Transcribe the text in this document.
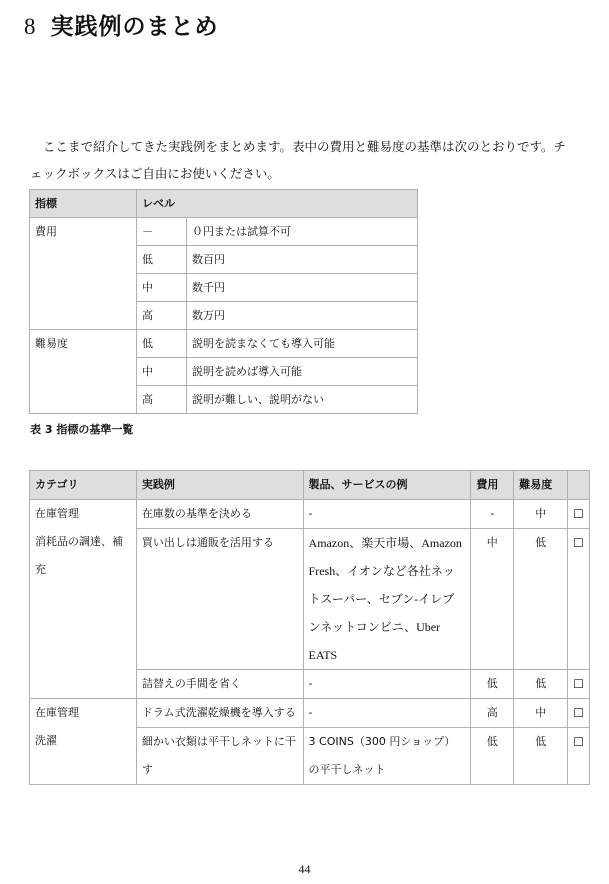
8 実践例のまとめ

ここまで紹介してきた実践例をまとめます。表中の費用と難易度の基準は次のとおりです。チェックボックスはご自由にお使いください。

指標	レベル	
費用	－	０円または試算不可
	低	数百円
	中	数千円
	高	数万円
難易度	低	説明を読まなくても導入可能
	中	説明を読めば導入可能
	高	説明が難しい、説明がない
表 3 指標の基準一覧
カテゴリ	実践例	製品、サービスの例	費用	難易度	
在庫管理
消耗品の調達、補充	在庫数の基準を決める	-	-	中	☐
	買い出しは通販を活用する	Amazon、楽天市場、Amazon Fresh、イオンなど各社ネットスーパー、セブン-イレブンネットコンビニ、Uber EATS	中	低	☐
	詰替えの手間を省く	-	低	低	☐
在庫管理
洗濯	ドラム式洗濯乾燥機を導入する	-	高	中	☐
	細かい衣類は平干しネットに干す	3 COINS（300 円ショップ）の平干しネット	低	低	☐
44
